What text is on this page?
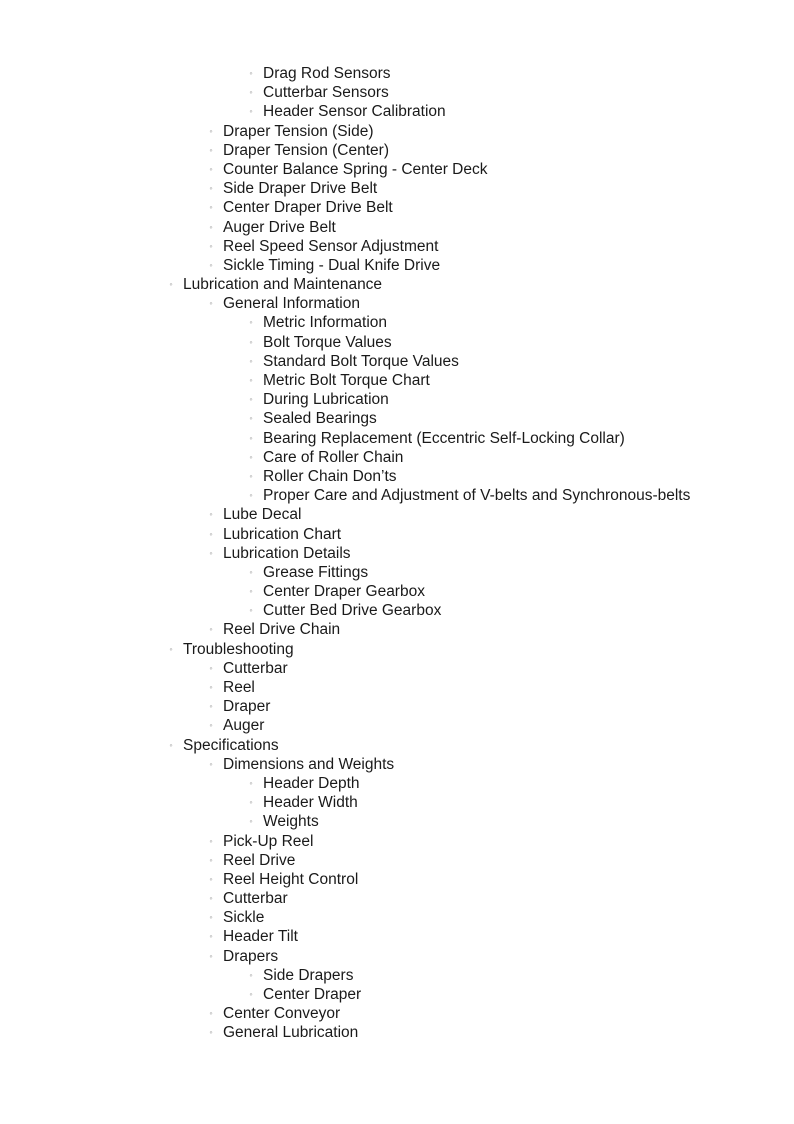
◦ Drag Rod Sensors
◦ Cutterbar Sensors
◦ Header Sensor Calibration
◦ Draper Tension (Side)
◦ Draper Tension (Center)
◦ Counter Balance Spring - Center Deck
◦ Side Draper Drive Belt
◦ Center Draper Drive Belt
◦ Auger Drive Belt
◦ Reel Speed Sensor Adjustment
◦ Sickle Timing - Dual Knife Drive
◦ Lubrication and Maintenance
◦ General Information
◦ Metric Information
◦ Bolt Torque Values
◦ Standard Bolt Torque Values
◦ Metric Bolt Torque Chart
◦ During Lubrication
◦ Sealed Bearings
◦ Bearing Replacement (Eccentric Self-Locking Collar)
◦ Care of Roller Chain
◦ Roller Chain Don’ts
◦ Proper Care and Adjustment of V-belts and Synchronous-belts
◦ Lube Decal
◦ Lubrication Chart
◦ Lubrication Details
◦ Grease Fittings
◦ Center Draper Gearbox
◦ Cutter Bed Drive Gearbox
◦ Reel Drive Chain
◦ Troubleshooting
◦ Cutterbar
◦ Reel
◦ Draper
◦ Auger
◦ Specifications
◦ Dimensions and Weights
◦ Header Depth
◦ Header Width
◦ Weights
◦ Pick-Up Reel
◦ Reel Drive
◦ Reel Height Control
◦ Cutterbar
◦ Sickle
◦ Header Tilt
◦ Drapers
◦ Side Drapers
◦ Center Draper
◦ Center Conveyor
◦ General Lubrication
